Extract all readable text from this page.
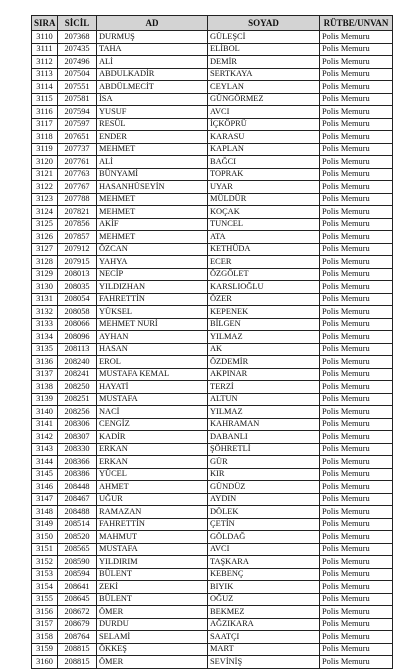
SIRA	SİCİL	AD	SOYAD	RÜTBE/UNVAN
3110	207368	DURMUŞ	GÜLEŞCİ	Polis Memuru
3111	207435	TAHA	ELİBOL	Polis Memuru
3112	207496	ALİ	DEMİR	Polis Memuru
3113	207504	ABDULKADİR	SERTKAYA	Polis Memuru
3114	207551	ABDÜLMECİT	CEYLAN	Polis Memuru
3115	207581	İSA	GÜNGÖRMEZ	Polis Memuru
3116	207594	YUSUF	AVCI	Polis Memuru
3117	207597	RESÜL	İÇKÖPRÜ	Polis Memuru
3118	207651	ENDER	KARASU	Polis Memuru
3119	207737	MEHMET	KAPLAN	Polis Memuru
3120	207761	ALİ	BAĞCI	Polis Memuru
3121	207763	BÜNYAMİ	TOPRAK	Polis Memuru
3122	207767	HASANHÜSEYİN	UYAR	Polis Memuru
3123	207788	MEHMET	MÜLDÜR	Polis Memuru
3124	207821	MEHMET	KOÇAK	Polis Memuru
3125	207856	AKİF	TUNCEL	Polis Memuru
3126	207857	MEHMET	ATA	Polis Memuru
3127	207912	ÖZCAN	KETHÜDA	Polis Memuru
3128	207915	YAHYA	ECER	Polis Memuru
3129	208013	NECİP	ÖZGÖLET	Polis Memuru
3130	208035	YILDIZHAN	KARSLIOĞLU	Polis Memuru
3131	208054	FAHRETTİN	ÖZER	Polis Memuru
3132	208058	YÜKSEL	KEPENEK	Polis Memuru
3133	208066	MEHMET NURİ	BİLGEN	Polis Memuru
3134	208096	AYHAN	YILMAZ	Polis Memuru
3135	208113	HASAN	AK	Polis Memuru
3136	208240	EROL	ÖZDEMİR	Polis Memuru
3137	208241	MUSTAFA KEMAL	AKPINAR	Polis Memuru
3138	208250	HAYATİ	TERZİ	Polis Memuru
3139	208251	MUSTAFA	ALTUN	Polis Memuru
3140	208256	NACİ	YILMAZ	Polis Memuru
3141	208306	CENGİZ	KAHRAMAN	Polis Memuru
3142	208307	KADİR	DABANLI	Polis Memuru
3143	208330	ERKAN	ŞÖHRETLİ	Polis Memuru
3144	208366	ERKAN	GÜR	Polis Memuru
3145	208386	YÜCEL	KIR	Polis Memuru
3146	208448	AHMET	GÜNDÜZ	Polis Memuru
3147	208467	UĞUR	AYDIN	Polis Memuru
3148	208488	RAMAZAN	DÖLEK	Polis Memuru
3149	208514	FAHRETTİN	ÇETİN	Polis Memuru
3150	208520	MAHMUT	GÖLDAĞ	Polis Memuru
3151	208565	MUSTAFA	AVCI	Polis Memuru
3152	208590	YILDIRIM	TAŞKARA	Polis Memuru
3153	208594	BÜLENT	KEBENÇ	Polis Memuru
3154	208641	ZEKİ	BIYIK	Polis Memuru
3155	208645	BÜLENT	OĞUZ	Polis Memuru
3156	208672	ÖMER	BEKMEZ	Polis Memuru
3157	208679	DURDU	AĞZIKARA	Polis Memuru
3158	208764	SELAMİ	SAATÇI	Polis Memuru
3159	208815	ÖKKEŞ	MART	Polis Memuru
3160	208815	ÖMER	SEVİNİŞ	Polis Memuru
